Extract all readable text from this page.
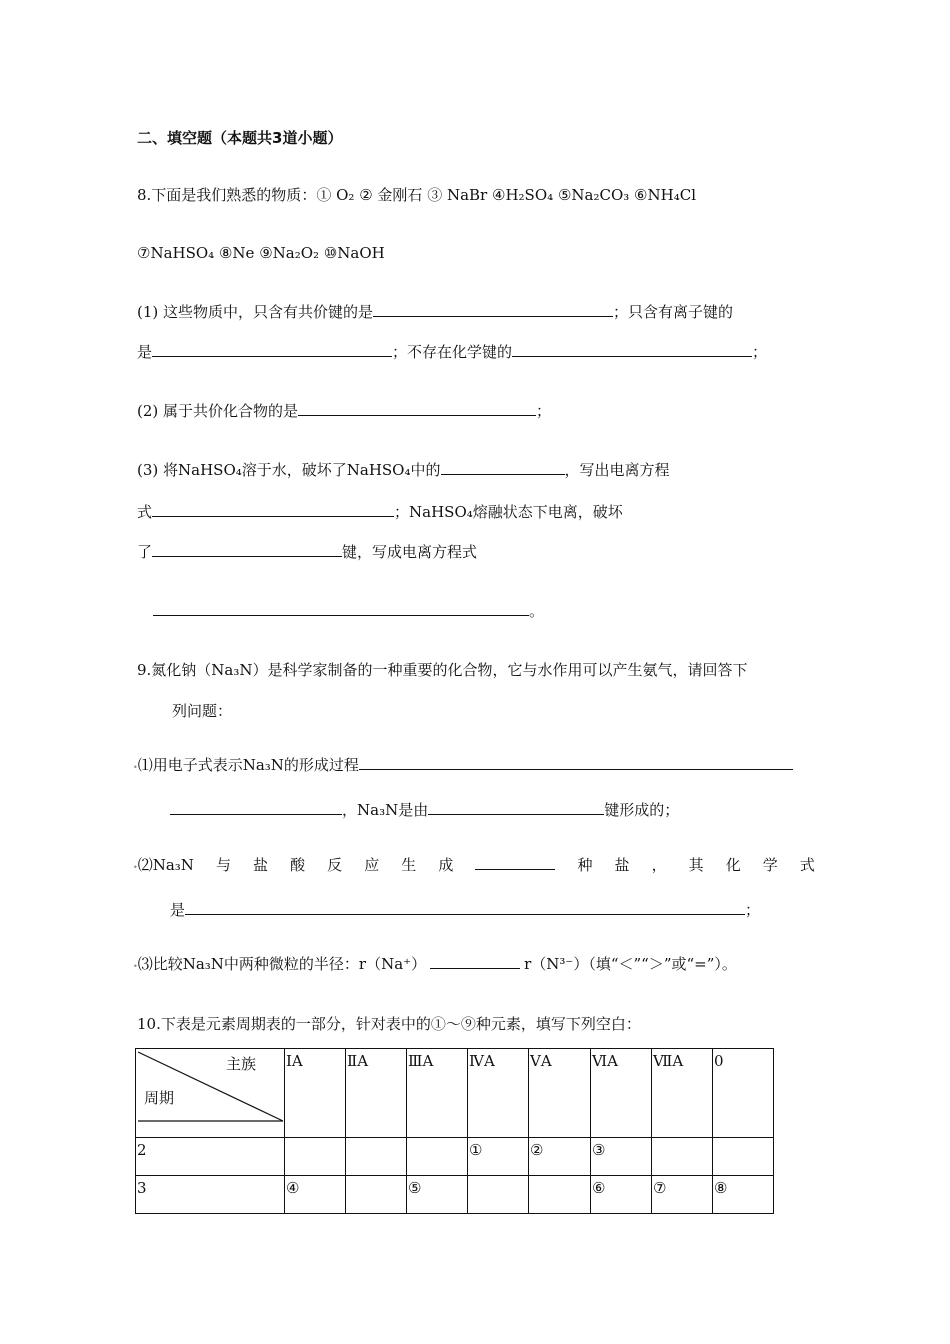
二、填空题（本题共3道小题）
8.下面是我们熟悉的物质：① O₂ ② 金刚石 ③ NaBr ④H₂SO₄ ⑤Na₂CO₃ ⑥NH₄Cl
⑦NaHSO₄ ⑧Ne ⑨Na₂O₂ ⑩NaOH
(1) 这些物质中，只含有共价键的是	；只含有离子键的
是	；不存在化学键的	；
(2) 属于共价化合物的是	；
(3) 将NaHSO₄溶于水，破坏了NaHSO₄中的	，写出电离方程
式	；NaHSO₄熔融状态下电离，破坏
了	键，写成电离方程式
。
9.氮化钠（Na₃N）是科学家制备的一种重要的化合物，它与水作用可以产生氨气，请回答下
列问题：
•⑴用电子式表示Na₃N的形成过程
，Na₃N是由	键形成的；
•⑵Na₃N 与 盐 酸 反 应 生 成	种 盐 ， 其 化 学 式
是	；
•⑶比较Na₃N中两种微粒的半径：r（Na⁺）	r（N³⁻）（填“＜”“＞”或“=”）。
10.下表是元素周期表的一部分，针对表中的①～⑨种元素，填写下列空白：
主族
周期	ⅠA	ⅡA	ⅢA	ⅣA	ⅤA	ⅥA	ⅦA	0
2				①	②	③		
3	④		⑤			⑥	⑦	⑧
